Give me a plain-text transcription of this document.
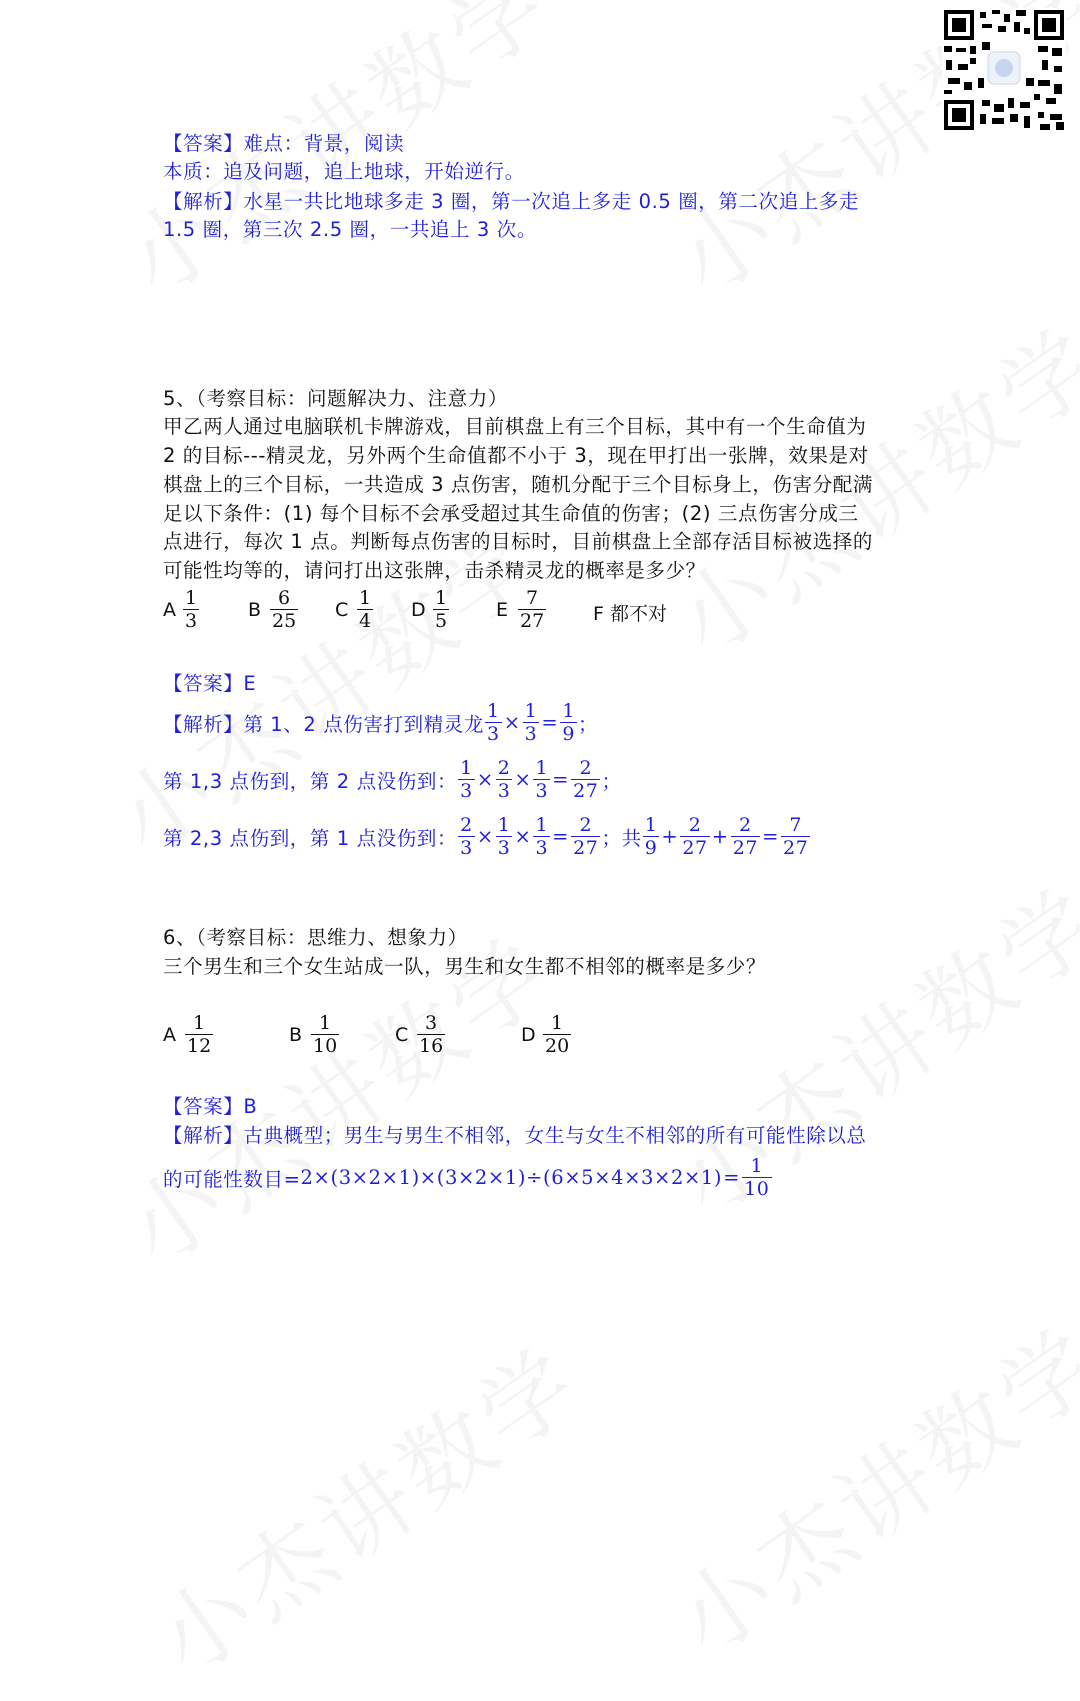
【答案】难点：背景，阅读
本质：追及问题，追上地球，开始逆行。
【解析】水星一共比地球多走 3 圈，第一次追上多走 0.5 圈，第二次追上多走
1.5 圈，第三次 2.5 圈，一共追上 3 次。
5、（考察目标：问题解决力、注意力）
甲乙两人通过电脑联机卡牌游戏，目前棋盘上有三个目标，其中有一个生命值为
2 的目标---精灵龙，另外两个生命值都不小于 3，现在甲打出一张牌，效果是对
棋盘上的三个目标，一共造成 3 点伤害，随机分配于三个目标身上，伤害分配满
足以下条件：(1) 每个目标不会承受超过其生命值的伤害；(2) 三点伤害分成三
点进行，每次 1 点。判断每点伤害的目标时，目前棋盘上全部存活目标被选择的
可能性均等的，请问打出这张牌，击杀精灵龙的概率是多少？
A $\frac{1}{3}$	B $\frac{6}{25}$ C $\frac{1}{4}$ D $\frac{1}{5}$ E $\frac{7}{27}$ F 都不对
【答案】E
【解析】第 1、2 点伤害打到精灵龙 $\frac{1}{3} \times \frac{1}{3} = \frac{1}{9}$ ；
第 1,3 点伤到，第 2 点没伤到： $\frac{1}{3} \times \frac{2}{3} \times \frac{1}{3} = \frac{2}{27}$ ；
第 2,3 点伤到，第 1 点没伤到： $\frac{2}{3} \times \frac{1}{3} \times \frac{1}{3} = \frac{2}{27}$ ；共 $\frac{1}{9} + \frac{2}{27} + \frac{2}{27} = \frac{7}{27}$
6、（考察目标：思维力、想象力）
三个男生和三个女生站成一队，男生和女生都不相邻的概率是多少？
A $\frac{1}{12}$	B $\frac{1}{10}$	C $\frac{3}{16}$	D $\frac{1}{20}$
【答案】B
【解析】古典概型；男生与男生不相邻，女生与女生不相邻的所有可能性除以总
的可能性数目= $2\times(3\times 2\times 1)\times(3\times 2\times 1)\div(6\times 5\times 4\times 3\times 2\times 1) = \frac{1}{10}$
